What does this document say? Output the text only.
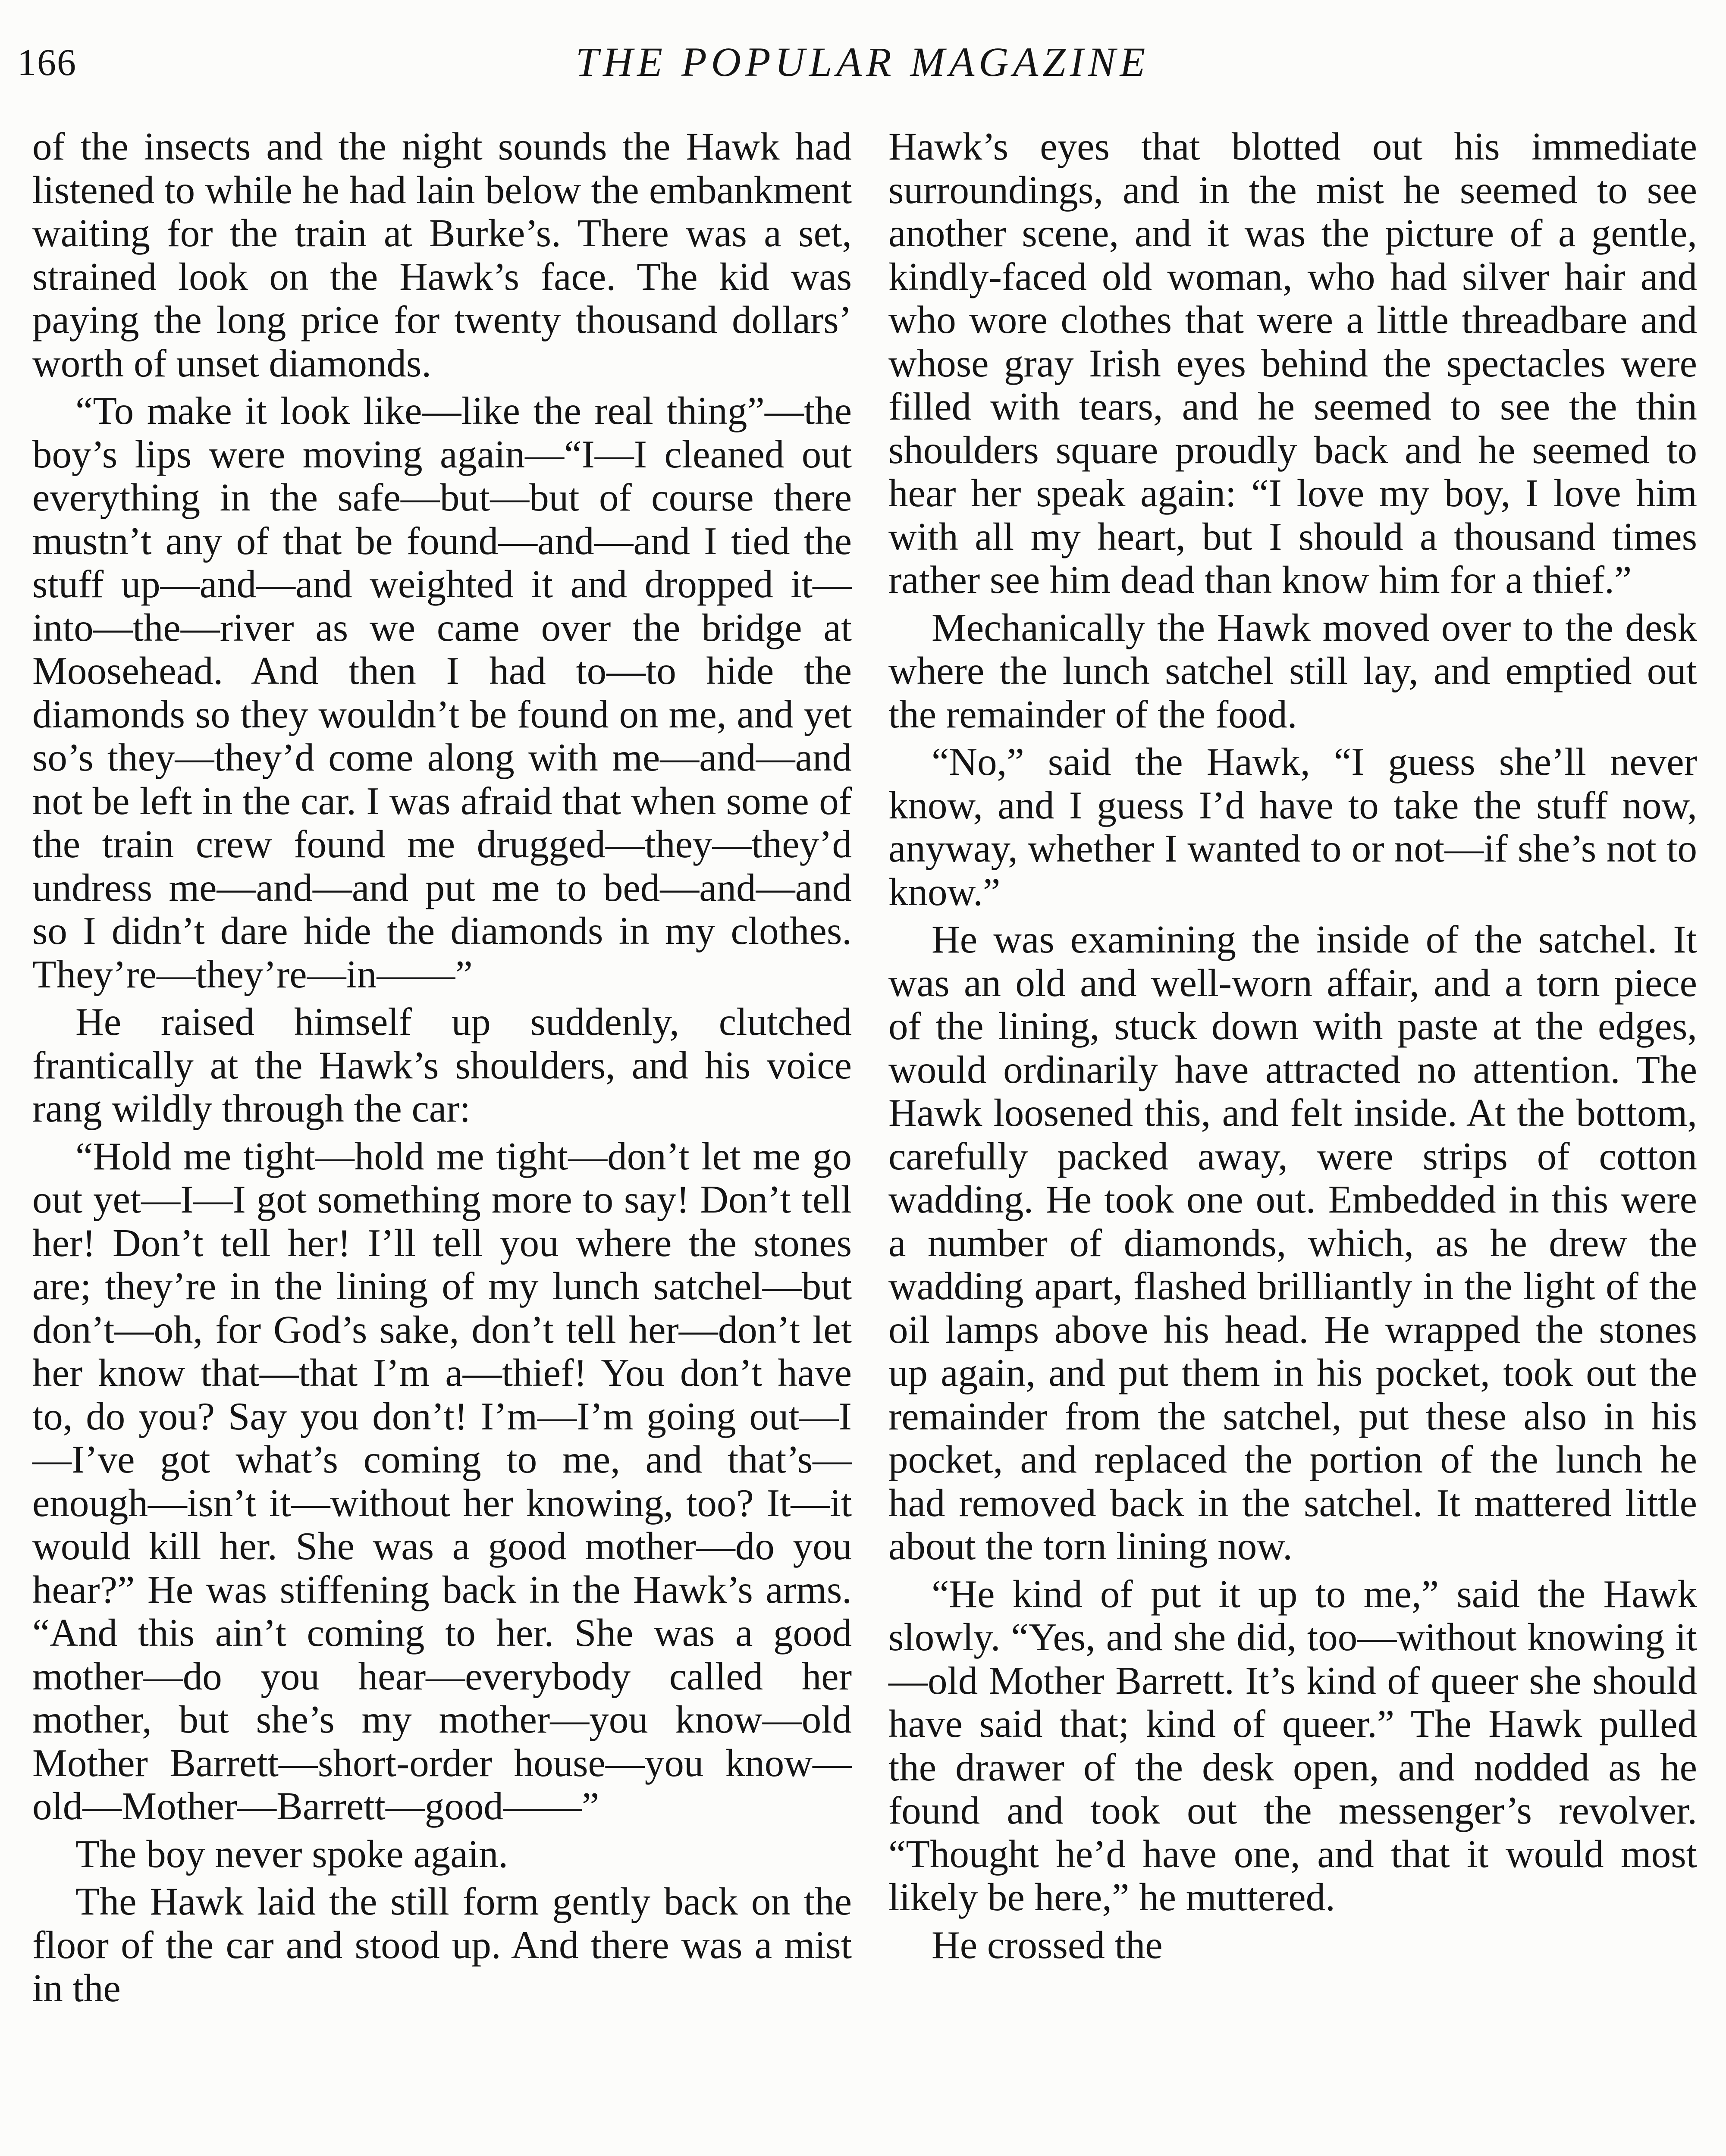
166	THE POPULAR MAGAZINE

of the insects and the night sounds the Hawk had listened to while he had lain below the embankment waiting for the train at Burke’s. There was a set, strained look on the Hawk’s face. The kid was paying the long price for twenty thousand dollars’ worth of unset diamonds.

“To make it look like—like the real thing”—the boy’s lips were moving again—“I—I cleaned out everything in the safe—but—but of course there mustn’t any of that be found—and—and I tied the stuff up—and—and weighted it and dropped it—into—the—river as we came over the bridge at Moosehead. And then I had to—to hide the diamonds so they wouldn’t be found on me, and yet so’s they—they’d come along with me—and—and not be left in the car. I was afraid that when some of the train crew found me drugged—they—they’d undress me—and—and put me to bed—and—and so I didn’t dare hide the diamonds in my clothes. They’re—they’re—in——”

He raised himself up suddenly, clutched frantically at the Hawk’s shoulders, and his voice rang wildly through the car:

“Hold me tight—hold me tight—don’t let me go out yet—I—I got something more to say! Don’t tell her! Don’t tell her! I’ll tell you where the stones are; they’re in the lining of my lunch satchel—but don’t—oh, for God’s sake, don’t tell her—don’t let her know that—that I’m a—thief! You don’t have to, do you? Say you don’t! I’m—I’m going out—I—I’ve got what’s coming to me, and that’s—enough—isn’t it—without her knowing, too? It—it would kill her. She was a good mother—do you hear?” He was stiffening back in the Hawk’s arms. “And this ain’t coming to her. She was a good mother—do you hear—everybody called her mother, but she’s my mother—you know—old Mother Barrett—short-order house—you know—old—Mother—Barrett—good——”

The boy never spoke again.

The Hawk laid the still form gently back on the floor of the car and stood up. And there was a mist in the

Hawk’s eyes that blotted out his immediate surroundings, and in the mist he seemed to see another scene, and it was the picture of a gentle, kindly-faced old woman, who had silver hair and who wore clothes that were a little threadbare and whose gray Irish eyes behind the spectacles were filled with tears, and he seemed to see the thin shoulders square proudly back and he seemed to hear her speak again: “I love my boy, I love him with all my heart, but I should a thousand times rather see him dead than know him for a thief.”

Mechanically the Hawk moved over to the desk where the lunch satchel still lay, and emptied out the remainder of the food.

“No,” said the Hawk, “I guess she’ll never know, and I guess I’d have to take the stuff now, anyway, whether I wanted to or not—if she’s not to know.”

He was examining the inside of the satchel. It was an old and well-worn affair, and a torn piece of the lining, stuck down with paste at the edges, would ordinarily have attracted no attention. The Hawk loosened this, and felt inside. At the bottom, carefully packed away, were strips of cotton wadding. He took one out. Embedded in this were a number of diamonds, which, as he drew the wadding apart, flashed brilliantly in the light of the oil lamps above his head. He wrapped the stones up again, and put them in his pocket, took out the remainder from the satchel, put these also in his pocket, and replaced the portion of the lunch he had removed back in the satchel. It mattered little about the torn lining now.

“He kind of put it up to me,” said the Hawk slowly. “Yes, and she did, too—without knowing it—old Mother Barrett. It’s kind of queer she should have said that; kind of queer.” The Hawk pulled the drawer of the desk open, and nodded as he found and took out the messenger’s revolver. “Thought he’d have one, and that it would most likely be here,” he muttered.

He crossed the
